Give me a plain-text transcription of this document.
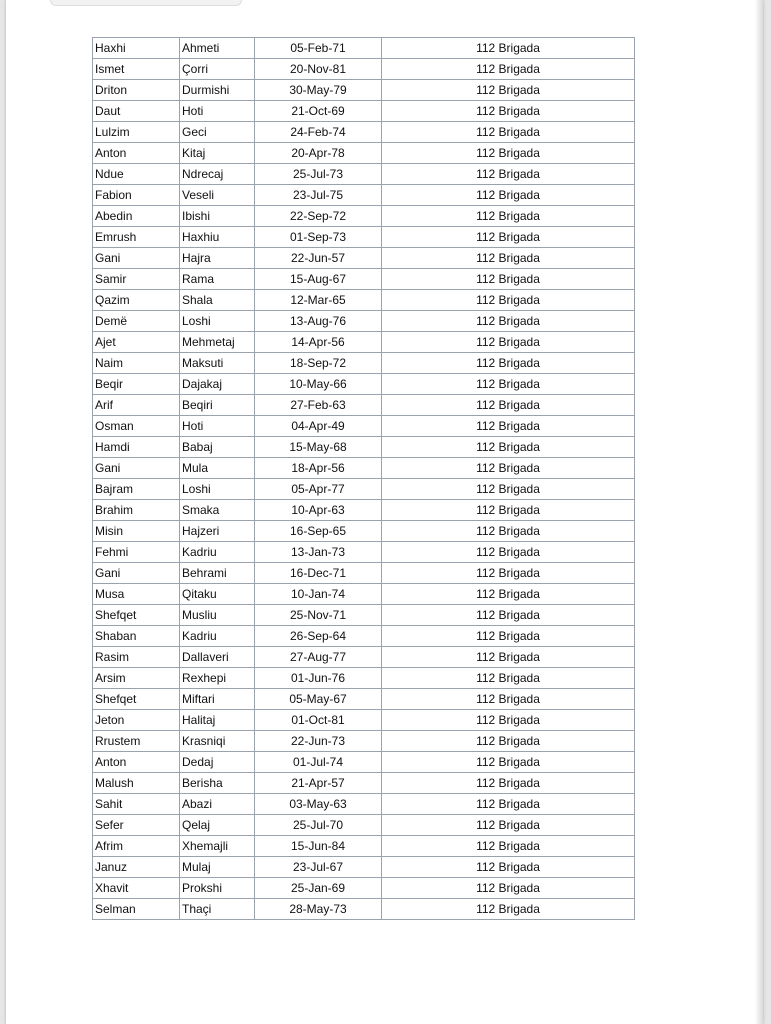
Haxhi	Ahmeti	05-Feb-71	112 Brigada
Ismet	Çorri	20-Nov-81	112 Brigada
Driton	Durmishi	30-May-79	112 Brigada
Daut	Hoti	21-Oct-69	112 Brigada
Lulzim	Geci	24-Feb-74	112 Brigada
Anton	Kitaj	20-Apr-78	112 Brigada
Ndue	Ndrecaj	25-Jul-73	112 Brigada
Fabion	Veseli	23-Jul-75	112 Brigada
Abedin	Ibishi	22-Sep-72	112 Brigada
Emrush	Haxhiu	01-Sep-73	112 Brigada
Gani	Hajra	22-Jun-57	112 Brigada
Samir	Rama	15-Aug-67	112 Brigada
Qazim	Shala	12-Mar-65	112 Brigada
Demë	Loshi	13-Aug-76	112 Brigada
Ajet	Mehmetaj	14-Apr-56	112 Brigada
Naim	Maksuti	18-Sep-72	112 Brigada
Beqir	Dajakaj	10-May-66	112 Brigada
Arif	Beqiri	27-Feb-63	112 Brigada
Osman	Hoti	04-Apr-49	112 Brigada
Hamdi	Babaj	15-May-68	112 Brigada
Gani	Mula	18-Apr-56	112 Brigada
Bajram	Loshi	05-Apr-77	112 Brigada
Brahim	Smaka	10-Apr-63	112 Brigada
Misin	Hajzeri	16-Sep-65	112 Brigada
Fehmi	Kadriu	13-Jan-73	112 Brigada
Gani	Behrami	16-Dec-71	112 Brigada
Musa	Qitaku	10-Jan-74	112 Brigada
Shefqet	Musliu	25-Nov-71	112 Brigada
Shaban	Kadriu	26-Sep-64	112 Brigada
Rasim	Dallaveri	27-Aug-77	112 Brigada
Arsim	Rexhepi	01-Jun-76	112 Brigada
Shefqet	Miftari	05-May-67	112 Brigada
Jeton	Halitaj	01-Oct-81	112 Brigada
Rrustem	Krasniqi	22-Jun-73	112 Brigada
Anton	Dedaj	01-Jul-74	112 Brigada
Malush	Berisha	21-Apr-57	112 Brigada
Sahit	Abazi	03-May-63	112 Brigada
Sefer	Qelaj	25-Jul-70	112 Brigada
Afrim	Xhemajli	15-Jun-84	112 Brigada
Januz	Mulaj	23-Jul-67	112 Brigada
Xhavit	Prokshi	25-Jan-69	112 Brigada
Selman	Thaçi	28-May-73	112 Brigada
